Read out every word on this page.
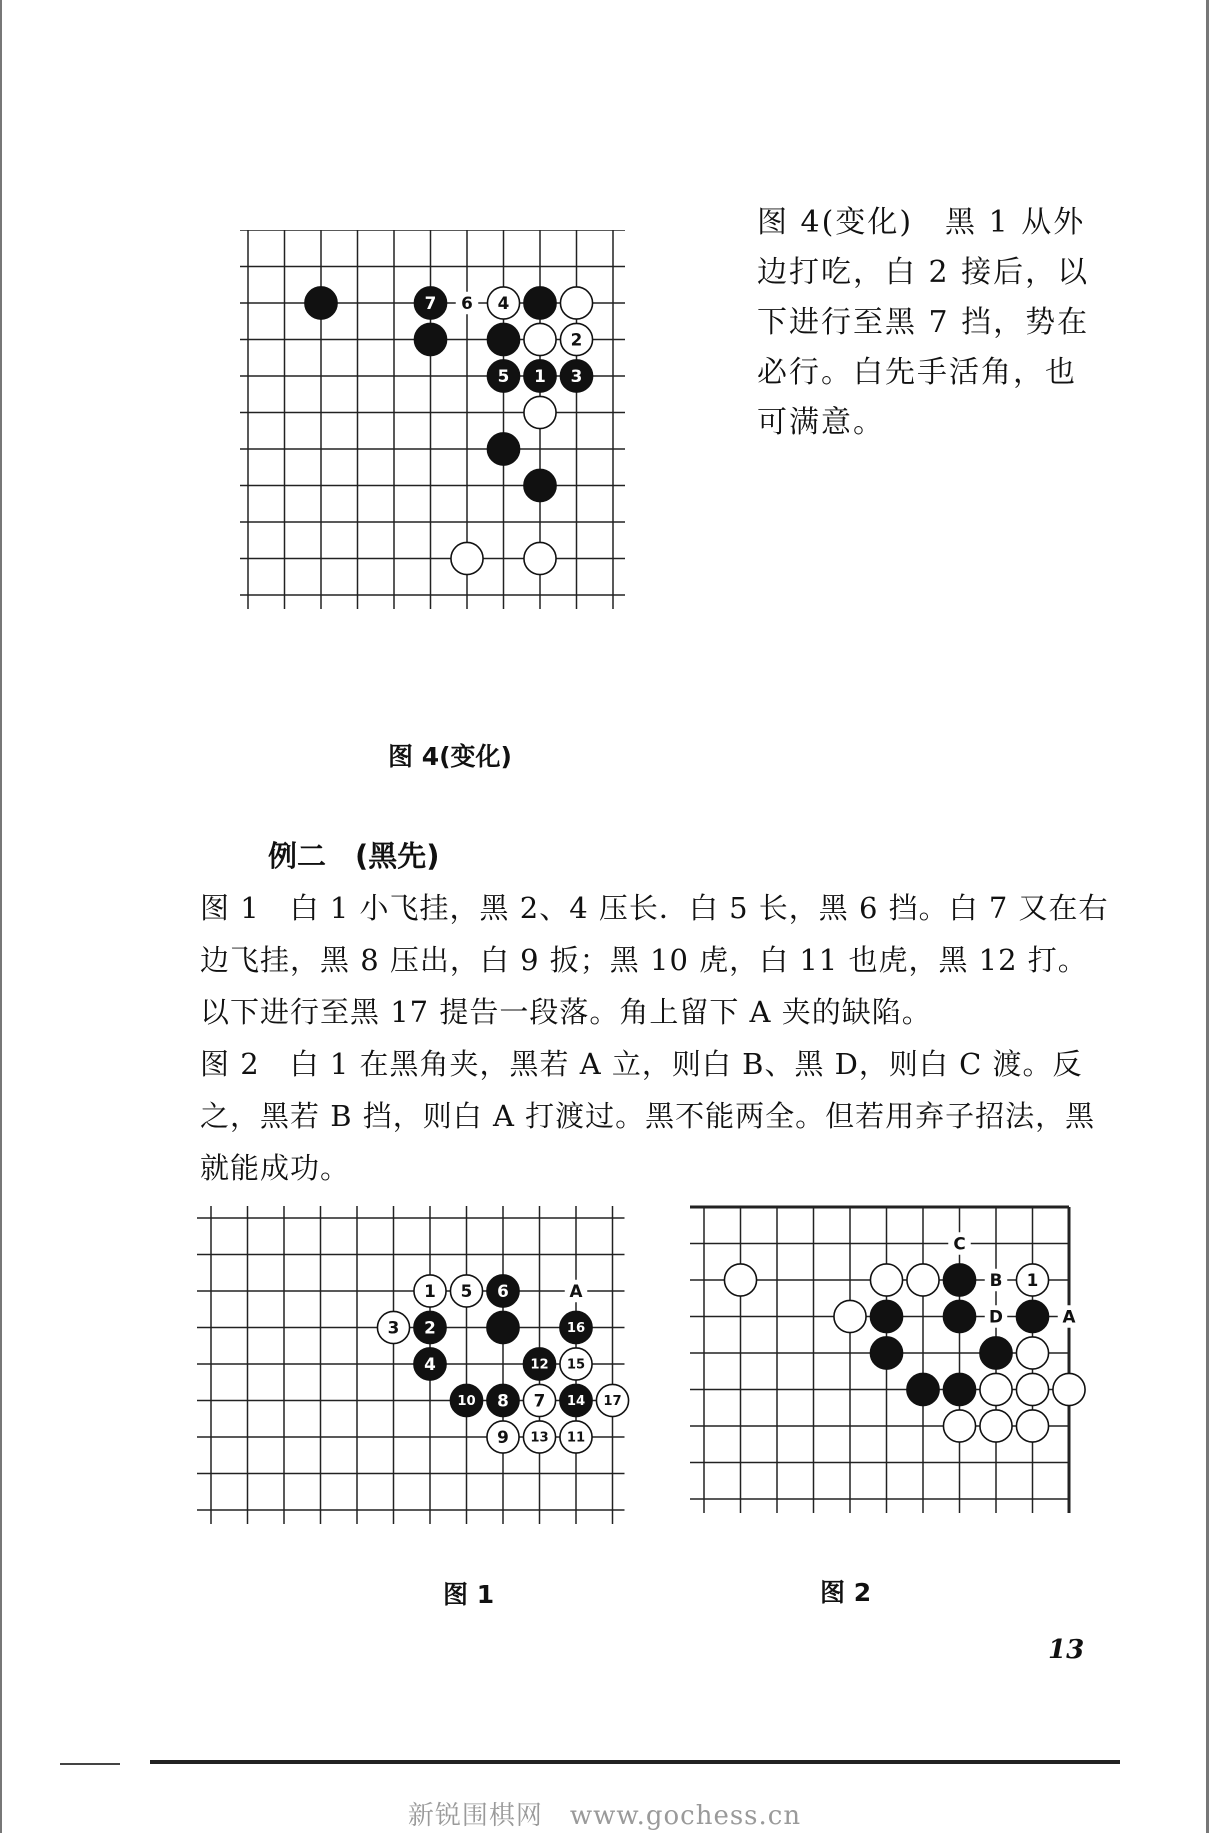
7 6 4
2
5 1 3
图 4(变化)
图 4(变化)　黑 1 从外边打吃，白 2 接后，以下进行至黑 7 挡，势在必行。白先手活角，也可满意。
例二　(黑先)
图 1　白 1 小飞挂，黑 2、4 压长．白 5 长，黑 6 挡。白 7 又在右边飞挂，黑 8 压出，白 9 扳；黑 10 虎，白 11 也虎，黑 12 打。以下进行至黑 17 提告一段落。角上留下 A 夹的缺陷。
图 2　白 1 在黑角夹，黑若 A 立，则白 B、黑 D，则白 C 渡。反之，黑若 B 挡，则白 A 打渡过。黑不能两全。但若用弃子招法，黑就能成功。
1 5 6	A
3 2	16
4	12 15
10 8 7 14 17
9 13 11
图 1
C
B 1
D	A
图 2
13
新锐围棋网　www.gochess.cn
